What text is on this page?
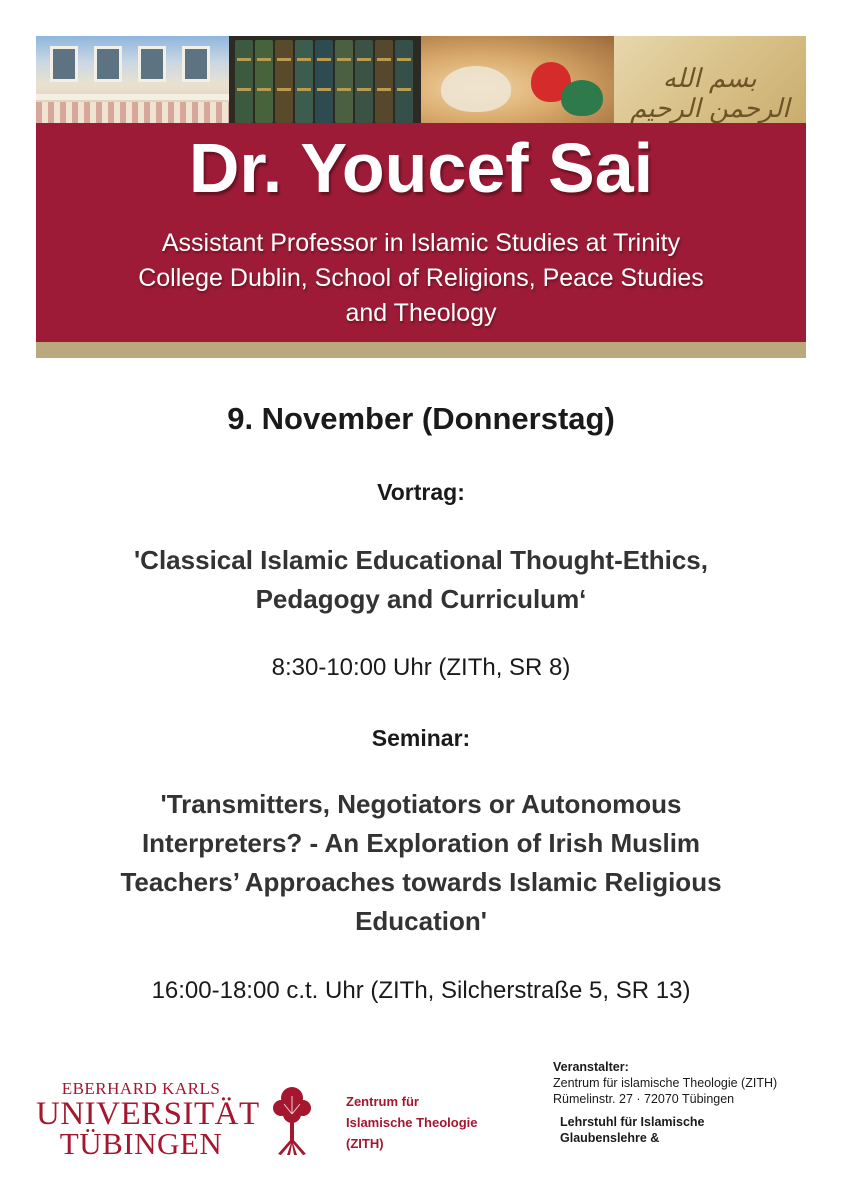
بسم الله الرحمن الرحيم
Dr. Youcef Sai
Assistant Professor in Islamic Studies at Trinity
College Dublin, School of Religions, Peace Studies
and Theology
9. November (Donnerstag)
Vortrag:
'Classical Islamic Educational Thought-Ethics,
Pedagogy and Curriculum‘
8:30-10:00 Uhr (ZITh, SR 8)
Seminar:
'Transmitters, Negotiators or Autonomous
Interpreters? - An Exploration of Irish Muslim
Teachers’ Approaches towards Islamic Religious
Education'
16:00-18:00 c.t. Uhr (ZITh, Silcherstraße 5, SR 13)
EBERHARD KARLS
UNIVERSITÄT
TÜBINGEN
Zentrum für
Islamische Theologie
(ZITH)
Veranstalter:
Zentrum für islamische Theologie (ZITH)
Rümelinstr. 27 · 72070 Tübingen
Lehrstuhl für Islamische
Glaubenslehre &
